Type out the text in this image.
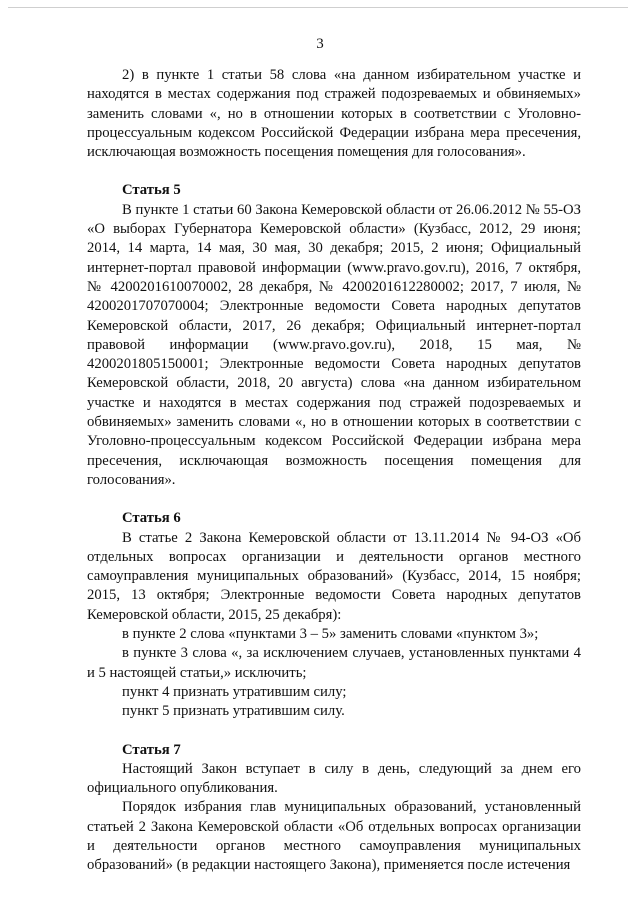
3

2) в пункте 1 статьи 58 слова «на данном избирательном участке и находятся в местах содержания под стражей подозреваемых и обвиняемых» заменить словами «, но в отношении которых в соответствии с Уголовно-процессуальным кодексом Российской Федерации избрана мера пресечения, исключающая возможность посещения помещения для голосования».

Статья 5

В пункте 1 статьи 60 Закона Кемеровской области от 26.06.2012 № 55-ОЗ «О выборах Губернатора Кемеровской области» (Кузбасс, 2012, 29 июня; 2014, 14 марта, 14 мая, 30 мая, 30 декабря; 2015, 2 июня; Официальный интернет-портал правовой информации (www.pravo.gov.ru), 2016, 7 октября, № 4200201610070002, 28 декабря, № 4200201612280002; 2017, 7 июля, № 4200201707070004; Электронные ведомости Совета народных депутатов Кемеровской области, 2017, 26 декабря; Официальный интернет-портал правовой информации (www.pravo.gov.ru), 2018, 15 мая, № 4200201805150001; Электронные ведомости Совета народных депутатов Кемеровской области, 2018, 20 августа) слова «на данном избирательном участке и находятся в местах содержания под стражей подозреваемых и обвиняемых» заменить словами «, но в отношении которых в соответствии с Уголовно-процессуальным кодексом Российской Федерации избрана мера пресечения, исключающая возможность посещения помещения для голосования».

Статья 6

В статье 2 Закона Кемеровской области от 13.11.2014 № 94-ОЗ «Об отдельных вопросах организации и деятельности органов местного самоуправления муниципальных образований» (Кузбасс, 2014, 15 ноября; 2015, 13 октября; Электронные ведомости Совета народных депутатов Кемеровской области, 2015, 25 декабря):

в пункте 2 слова «пунктами 3 – 5» заменить словами «пунктом 3»;

в пункте 3 слова «, за исключением случаев, установленных пунктами 4 и 5 настоящей статьи,» исключить;

пункт 4 признать утратившим силу;

пункт 5 признать утратившим силу.

Статья 7

Настоящий Закон вступает в силу в день, следующий за днем его официального опубликования.

Порядок избрания глав муниципальных образований, установленный статьей 2 Закона Кемеровской области «Об отдельных вопросах организации и деятельности органов местного самоуправления муниципальных образований» (в редакции настоящего Закона), применяется после истечения
